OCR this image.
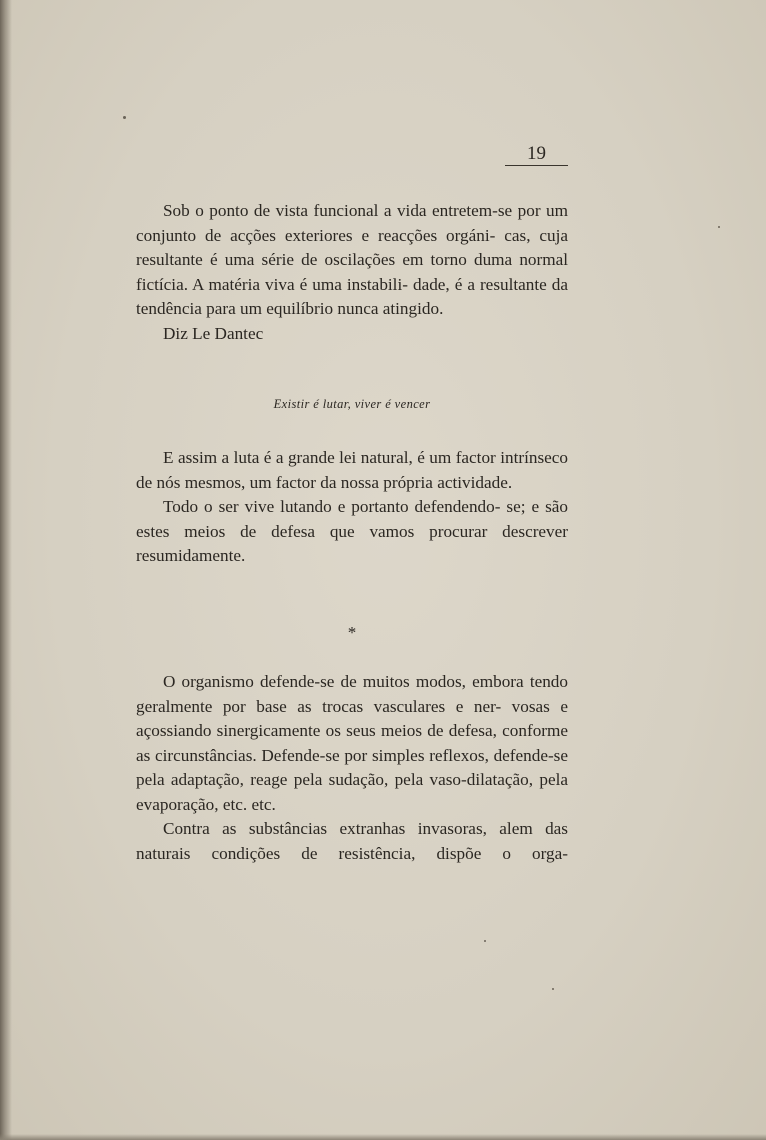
19

Sob o ponto de vista funcional a vida entretem-se por um conjunto de acções exteriores e reacções orgáni- cas, cuja resultante é uma série de oscilações em torno duma normal fictícia. A matéria viva é uma instabili- dade, é a resultante da tendência para um equilíbrio nunca atingido.

Diz Le Dantec

Existir é lutar, viver é vencer

E assim a luta é a grande lei natural, é um factor intrínseco de nós mesmos, um factor da nossa própria actividade.

Todo o ser vive lutando e portanto defendendo- se; e são estes meios de defesa que vamos procurar descrever resumidamente.

*

O organismo defende-se de muitos modos, embora tendo geralmente por base as trocas vasculares e ner- vosas e açossiando sinergicamente os seus meios de defesa, conforme as circunstâncias. Defende-se por simples reflexos, defende-se pela adaptação, reage pela sudação, pela vaso-dilatação, pela evaporação, etc. etc.

Contra as substâncias extranhas invasoras, alem das naturais condições de resistência, dispõe o orga-
